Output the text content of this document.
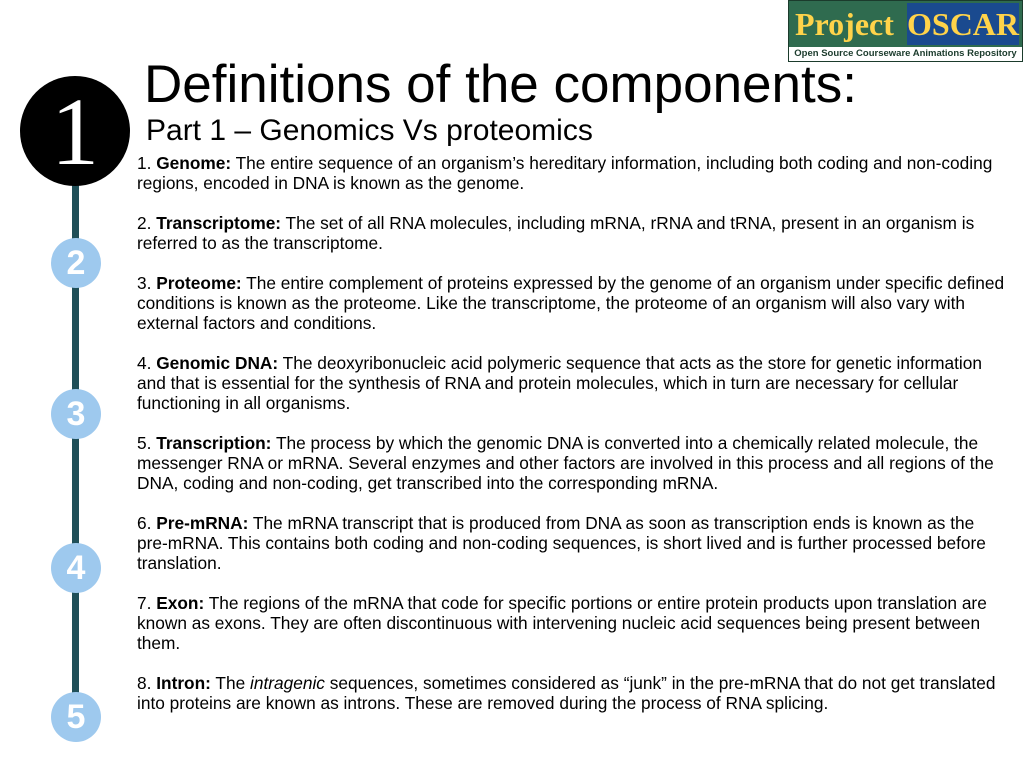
Project OSCAR
Open Source Courseware Animations Repository
1
2
3
4
5
Definitions of the components:
Part 1 – Genomics Vs proteomics

1. Genome: The entire sequence of an organism’s hereditary information, including both coding and non-coding regions, encoded in DNA is known as the genome.

2. Transcriptome: The set of all RNA molecules, including mRNA, rRNA and tRNA, present in an organism is referred to as the transcriptome.

3. Proteome: The entire complement of proteins expressed by the genome of an organism under specific defined conditions is known as the proteome. Like the transcriptome, the proteome of an organism will also vary with external factors and conditions.

4. Genomic DNA: The deoxyribonucleic acid polymeric sequence that acts as the store for genetic information and that is essential for the synthesis of RNA and protein molecules, which in turn are necessary for cellular functioning in all organisms.

5. Transcription: The process by which the genomic DNA is converted into a chemically related molecule, the messenger RNA or mRNA. Several enzymes and other factors are involved in this process and all regions of the DNA, coding and non-coding, get transcribed into the corresponding mRNA.

6. Pre-mRNA: The mRNA transcript that is produced from DNA as soon as transcription ends is known as the pre-mRNA. This contains both coding and non-coding sequences, is short lived and is further processed before translation.

7. Exon: The regions of the mRNA that code for specific portions or entire protein products upon translation are known as exons. They are often discontinuous with intervening nucleic acid sequences being present between them.

8. Intron: The intragenic sequences, sometimes considered as “junk” in the pre-mRNA that do not get translated into proteins are known as introns. These are removed during the process of RNA splicing.
